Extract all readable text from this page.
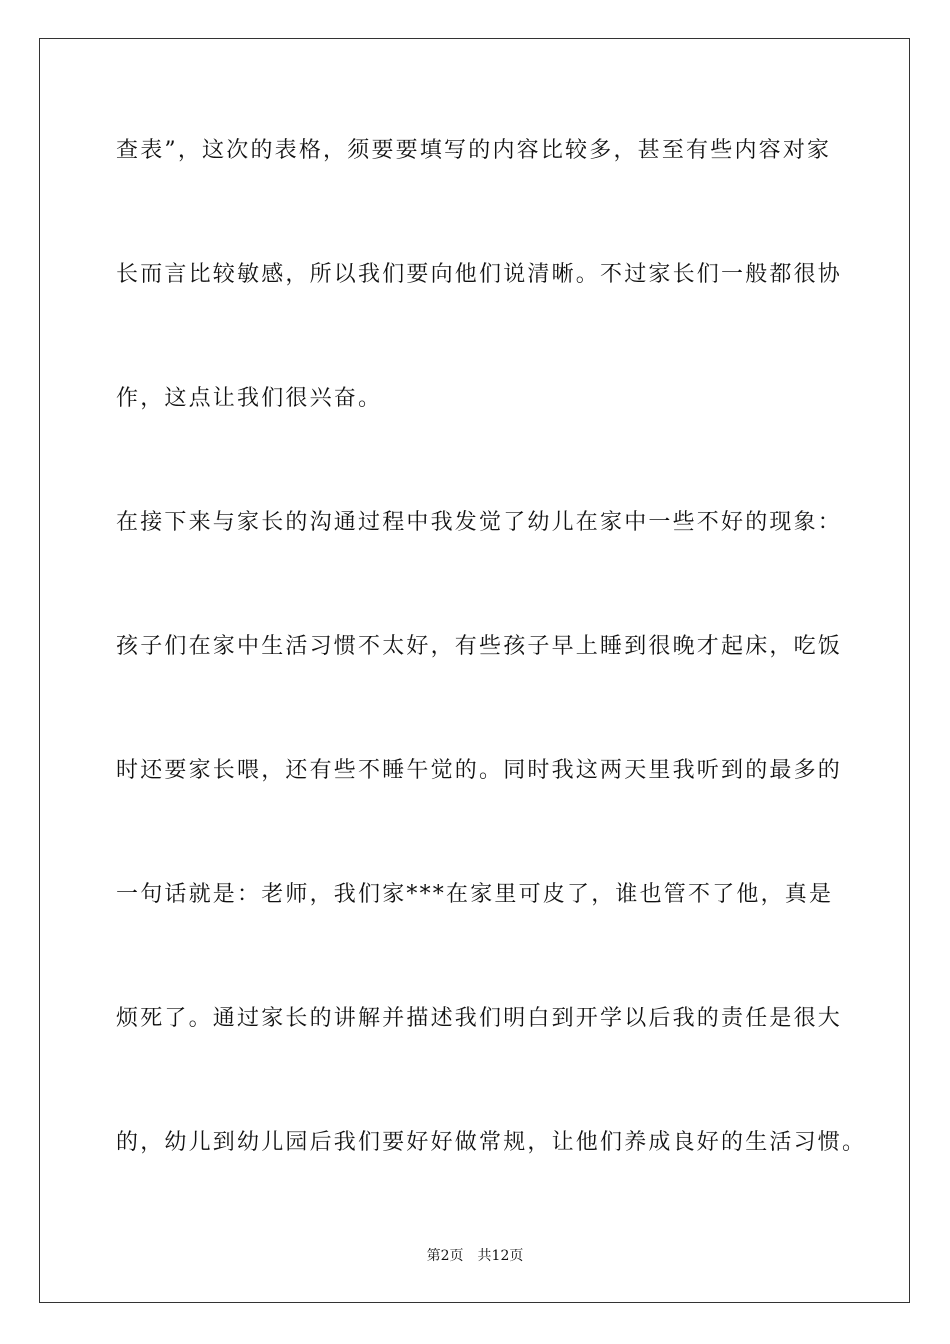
查表”，这次的表格，须要要填写的内容比较多，甚至有些内容对家
长而言比较敏感，所以我们要向他们说清晰。不过家长们一般都很协
作，这点让我们很兴奋。
在接下来与家长的沟通过程中我发觉了幼儿在家中一些不好的现象：
孩子们在家中生活习惯不太好，有些孩子早上睡到很晚才起床，吃饭
时还要家长喂，还有些不睡午觉的。同时我这两天里我听到的最多的
一句话就是：老师，我们家***在家里可皮了，谁也管不了他，真是
烦死了。通过家长的讲解并描述我们明白到开学以后我的责任是很大
的，幼儿到幼儿园后我们要好好做常规，让他们养成良好的生活习惯。
第2页 共12页
